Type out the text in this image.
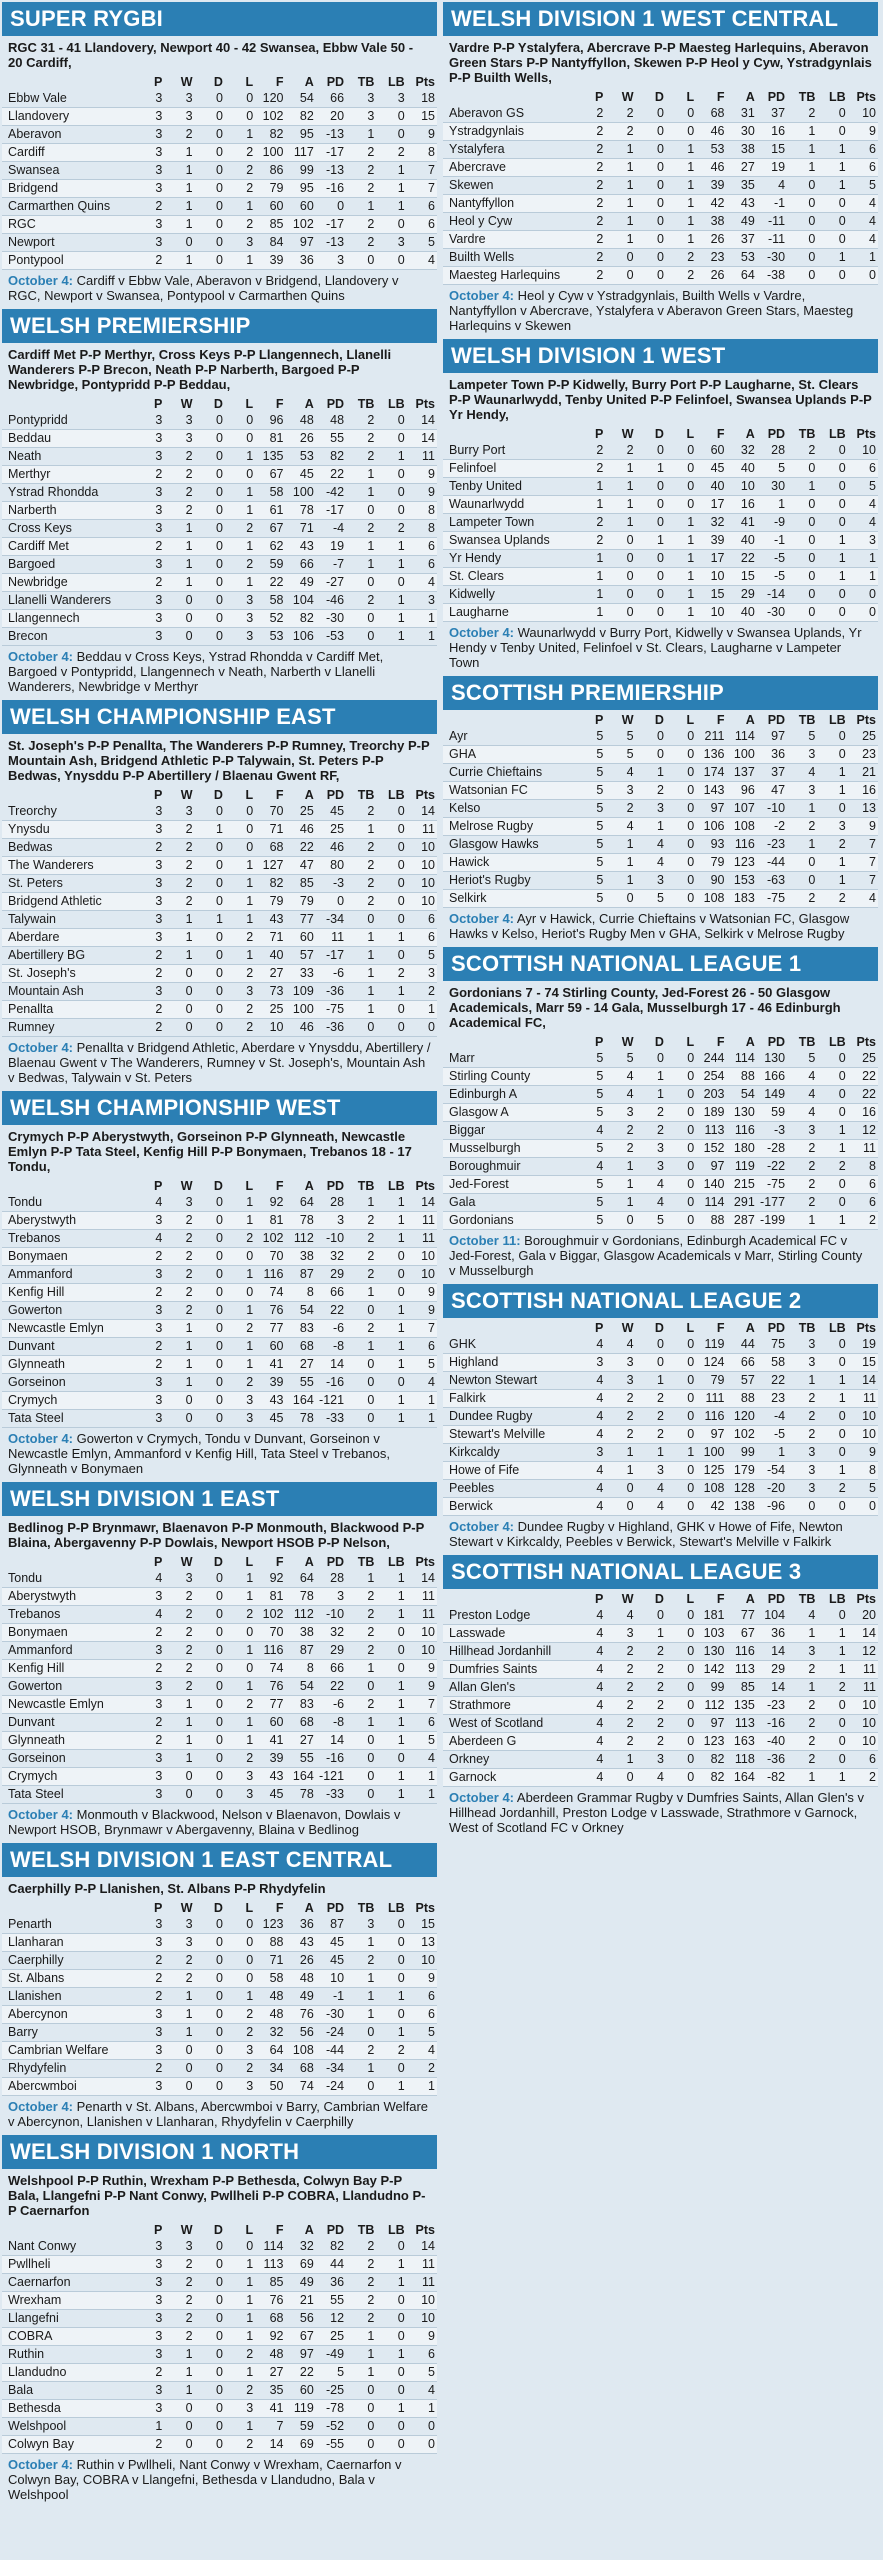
SUPER RYGBI
RGC 31 - 41 Llandovery, Newport 40 - 42 Swansea, Ebbw Vale 50 - 20 Cardiff,
	P	W	D	L	F	A	PD	TB	LB	Pts
Ebbw Vale	3	3	0	0	120	54	66	3	3	18
Llandovery	3	3	0	0	102	82	20	3	0	15
Aberavon	3	2	0	1	82	95	-13	1	0	9
Cardiff	3	1	0	2	100	117	-17	2	2	8
Swansea	3	1	0	2	86	99	-13	2	1	7
Bridgend	3	1	0	2	79	95	-16	2	1	7
Carmarthen Quins	2	1	0	1	60	60	0	1	1	6
RGC	3	1	0	2	85	102	-17	2	0	6
Newport	3	0	0	3	84	97	-13	2	3	5
Pontypool	2	1	0	1	39	36	3	0	0	4
October 4: Cardiff v Ebbw Vale, Aberavon v Bridgend, Llandovery v RGC, Newport v Swansea, Pontypool v Carmarthen Quins
WELSH PREMIERSHIP
Cardiff Met P-P Merthyr, Cross Keys P-P Llangennech, Llanelli Wanderers P-P Brecon, Neath P-P Narberth, Bargoed P-P Newbridge, Pontypridd P-P Beddau,
	P	W	D	L	F	A	PD	TB	LB	Pts
Pontypridd	3	3	0	0	96	48	48	2	0	14
Beddau	3	3	0	0	81	26	55	2	0	14
Neath	3	2	0	1	135	53	82	2	1	11
Merthyr	2	2	0	0	67	45	22	1	0	9
Ystrad Rhondda	3	2	0	1	58	100	-42	1	0	9
Narberth	3	2	0	1	61	78	-17	0	0	8
Cross Keys	3	1	0	2	67	71	-4	2	2	8
Cardiff Met	2	1	0	1	62	43	19	1	1	6
Bargoed	3	1	0	2	59	66	-7	1	1	6
Newbridge	2	1	0	1	22	49	-27	0	0	4
Llanelli Wanderers	3	0	0	3	58	104	-46	2	1	3
Llangennech	3	0	0	3	52	82	-30	0	1	1
Brecon	3	0	0	3	53	106	-53	0	1	1
October 4: Beddau v Cross Keys, Ystrad Rhondda v Cardiff Met, Bargoed v Pontypridd, Llangennech v Neath, Narberth v Llanelli Wanderers, Newbridge v Merthyr
WELSH CHAMPIONSHIP EAST
St. Joseph's P-P Penallta, The Wanderers P-P Rumney, Treorchy P-P Mountain Ash, Bridgend Athletic P-P Talywain, St. Peters P-P Bedwas, Ynysddu P-P Abertillery / Blaenau Gwent RF,
	P	W	D	L	F	A	PD	TB	LB	Pts
Treorchy	3	3	0	0	70	25	45	2	0	14
Ynysdu	3	2	1	0	71	46	25	1	0	11
Bedwas	2	2	0	0	68	22	46	2	0	10
The Wanderers	3	2	0	1	127	47	80	2	0	10
St. Peters	3	2	0	1	82	85	-3	2	0	10
Bridgend Athletic	3	2	0	1	79	79	0	2	0	10
Talywain	3	1	1	1	43	77	-34	0	0	6
Aberdare	3	1	0	2	71	60	11	1	1	6
Abertillery BG	2	1	0	1	40	57	-17	1	0	5
St. Joseph's	2	0	0	2	27	33	-6	1	2	3
Mountain Ash	3	0	0	3	73	109	-36	1	1	2
Penallta	2	0	0	2	25	100	-75	1	0	1
Rumney	2	0	0	2	10	46	-36	0	0	0
October 4: Penallta v Bridgend Athletic, Aberdare v Ynysddu, Abertillery / Blaenau Gwent v The Wanderers, Rumney v St. Joseph's, Mountain Ash v Bedwas, Talywain v St. Peters
WELSH CHAMPIONSHIP WEST
Crymych P-P Aberystwyth, Gorseinon P-P Glynneath, Newcastle Emlyn P-P Tata Steel, Kenfig Hill P-P Bonymaen, Trebanos 18 - 17 Tondu,
	P	W	D	L	F	A	PD	TB	LB	Pts
Tondu	4	3	0	1	92	64	28	1	1	14
Aberystwyth	3	2	0	1	81	78	3	2	1	11
Trebanos	4	2	0	2	102	112	-10	2	1	11
Bonymaen	2	2	0	0	70	38	32	2	0	10
Ammanford	3	2	0	1	116	87	29	2	0	10
Kenfig Hill	2	2	0	0	74	8	66	1	0	9
Gowerton	3	2	0	1	76	54	22	0	1	9
Newcastle Emlyn	3	1	0	2	77	83	-6	2	1	7
Dunvant	2	1	0	1	60	68	-8	1	1	6
Glynneath	2	1	0	1	41	27	14	0	1	5
Gorseinon	3	1	0	2	39	55	-16	0	0	4
Crymych	3	0	0	3	43	164	-121	0	1	1
Tata Steel	3	0	0	3	45	78	-33	0	1	1
October 4: Gowerton v Crymych, Tondu v Dunvant, Gorseinon v Newcastle Emlyn, Ammanford v Kenfig Hill, Tata Steel v Trebanos, Glynneath v Bonymaen
WELSH DIVISION 1 EAST
Bedlinog P-P Brynmawr, Blaenavon P-P Monmouth, Blackwood P-P Blaina, Abergavenny P-P Dowlais, Newport HSOB P-P Nelson,
	P	W	D	L	F	A	PD	TB	LB	Pts
Tondu	4	3	0	1	92	64	28	1	1	14
Aberystwyth	3	2	0	1	81	78	3	2	1	11
Trebanos	4	2	0	2	102	112	-10	2	1	11
Bonymaen	2	2	0	0	70	38	32	2	0	10
Ammanford	3	2	0	1	116	87	29	2	0	10
Kenfig Hill	2	2	0	0	74	8	66	1	0	9
Gowerton	3	2	0	1	76	54	22	0	1	9
Newcastle Emlyn	3	1	0	2	77	83	-6	2	1	7
Dunvant	2	1	0	1	60	68	-8	1	1	6
Glynneath	2	1	0	1	41	27	14	0	1	5
Gorseinon	3	1	0	2	39	55	-16	0	0	4
Crymych	3	0	0	3	43	164	-121	0	1	1
Tata Steel	3	0	0	3	45	78	-33	0	1	1
October 4: Monmouth v Blackwood, Nelson v Blaenavon, Dowlais v Newport HSOB, Brynmawr v Abergavenny, Blaina v Bedlinog
WELSH DIVISION 1 EAST CENTRAL
Caerphilly P-P Llanishen, St. Albans P-P Rhydyfelin
	P	W	D	L	F	A	PD	TB	LB	Pts
Penarth	3	3	0	0	123	36	87	3	0	15
Llanharan	3	3	0	0	88	43	45	1	0	13
Caerphilly	2	2	0	0	71	26	45	2	0	10
St. Albans	2	2	0	0	58	48	10	1	0	9
Llanishen	2	1	0	1	48	49	-1	1	1	6
Abercynon	3	1	0	2	48	76	-30	1	0	6
Barry	3	1	0	2	32	56	-24	0	1	5
Cambrian Welfare	3	0	0	3	64	108	-44	2	2	4
Rhydyfelin	2	0	0	2	34	68	-34	1	0	2
Abercwmboi	3	0	0	3	50	74	-24	0	1	1
October 4: Penarth v St. Albans, Abercwmboi v Barry, Cambrian Welfare v Abercynon, Llanishen v Llanharan, Rhydyfelin v Caerphilly
WELSH DIVISION 1 NORTH
Welshpool P-P Ruthin, Wrexham P-P Bethesda, Colwyn Bay P-P Bala, Llangefni P-P Nant Conwy, Pwllheli P-P COBRA, Llandudno P-P Caernarfon
	P	W	D	L	F	A	PD	TB	LB	Pts
Nant Conwy	3	3	0	0	114	32	82	2	0	14
Pwllheli	3	2	0	1	113	69	44	2	1	11
Caernarfon	3	2	0	1	85	49	36	2	1	11
Wrexham	3	2	0	1	76	21	55	2	0	10
Llangefni	3	2	0	1	68	56	12	2	0	10
COBRA	3	2	0	1	92	67	25	1	0	9
Ruthin	3	1	0	2	48	97	-49	1	1	6
Llandudno	2	1	0	1	27	22	5	1	0	5
Bala	3	1	0	2	35	60	-25	0	0	4
Bethesda	3	0	0	3	41	119	-78	0	1	1
Welshpool	1	0	0	1	7	59	-52	0	0	0
Colwyn Bay	2	0	0	2	14	69	-55	0	0	0
October 4: Ruthin v Pwllheli, Nant Conwy v Wrexham, Caernarfon v Colwyn Bay, COBRA v Llangefni, Bethesda v Llandudno, Bala v Welshpool
WELSH DIVISION 1 WEST CENTRAL
Vardre P-P Ystalyfera, Abercrave P-P Maesteg Harlequins, Aberavon Green Stars P-P Nantyffyllon, Skewen P-P Heol y Cyw, Ystradgynlais P-P Builth Wells,
	P	W	D	L	F	A	PD	TB	LB	Pts
Aberavon GS	2	2	0	0	68	31	37	2	0	10
Ystradgynlais	2	2	0	0	46	30	16	1	0	9
Ystalyfera	2	1	0	1	53	38	15	1	1	6
Abercrave	2	1	0	1	46	27	19	1	1	6
Skewen	2	1	0	1	39	35	4	0	1	5
Nantyffyllon	2	1	0	1	42	43	-1	0	0	4
Heol y Cyw	2	1	0	1	38	49	-11	0	0	4
Vardre	2	1	0	1	26	37	-11	0	0	4
Builth Wells	2	0	0	2	23	53	-30	0	1	1
Maesteg Harlequins	2	0	0	2	26	64	-38	0	0	0
October 4: Heol y Cyw v Ystradgynlais, Builth Wells v Vardre, Nantyffyllon v Abercrave, Ystalyfera v Aberavon Green Stars, Maesteg Harlequins v Skewen
WELSH DIVISION 1 WEST
Lampeter Town P-P Kidwelly, Burry Port P-P Laugharne, St. Clears P-P Waunarlwydd, Tenby United P-P Felinfoel, Swansea Uplands P-P Yr Hendy,
	P	W	D	L	F	A	PD	TB	LB	Pts
Burry Port	2	2	0	0	60	32	28	2	0	10
Felinfoel	2	1	1	0	45	40	5	0	0	6
Tenby United	1	1	0	0	40	10	30	1	0	5
Waunarlwydd	1	1	0	0	17	16	1	0	0	4
Lampeter Town	2	1	0	1	32	41	-9	0	0	4
Swansea Uplands	2	0	1	1	39	40	-1	0	1	3
Yr Hendy	1	0	0	1	17	22	-5	0	1	1
St. Clears	1	0	0	1	10	15	-5	0	1	1
Kidwelly	1	0	0	1	15	29	-14	0	0	0
Laugharne	1	0	0	1	10	40	-30	0	0	0
October 4: Waunarlwydd v Burry Port, Kidwelly v Swansea Uplands, Yr Hendy v Tenby United, Felinfoel v St. Clears, Laugharne v Lampeter Town
SCOTTISH PREMIERSHIP
	P	W	D	L	F	A	PD	TB	LB	Pts
Ayr	5	5	0	0	211	114	97	5	0	25
GHA	5	5	0	0	136	100	36	3	0	23
Currie Chieftains	5	4	1	0	174	137	37	4	1	21
Watsonian FC	5	3	2	0	143	96	47	3	1	16
Kelso	5	2	3	0	97	107	-10	1	0	13
Melrose Rugby	5	4	1	0	106	108	-2	2	3	9
Glasgow Hawks	5	1	4	0	93	116	-23	1	2	7
Hawick	5	1	4	0	79	123	-44	0	1	7
Heriot's Rugby	5	1	3	0	90	153	-63	0	1	7
Selkirk	5	0	5	0	108	183	-75	2	2	4
October 4: Ayr v Hawick, Currie Chieftains v Watsonian FC, Glasgow Hawks v Kelso, Heriot's Rugby Men v GHA, Selkirk v Melrose Rugby
SCOTTISH NATIONAL LEAGUE 1
Gordonians 7 - 74 Stirling County, Jed-Forest 26 - 50 Glasgow Academicals, Marr 59 - 14 Gala, Musselburgh 17 - 46 Edinburgh Academical FC,
	P	W	D	L	F	A	PD	TB	LB	Pts
Marr	5	5	0	0	244	114	130	5	0	25
Stirling County	5	4	1	0	254	88	166	4	0	22
Edinburgh A	5	4	1	0	203	54	149	4	0	22
Glasgow A	5	3	2	0	189	130	59	4	0	16
Biggar	4	2	2	0	113	116	-3	3	1	12
Musselburgh	5	2	3	0	152	180	-28	2	1	11
Boroughmuir	4	1	3	0	97	119	-22	2	2	8
Jed-Forest	5	1	4	0	140	215	-75	2	0	6
Gala	5	1	4	0	114	291	-177	2	0	6
Gordonians	5	0	5	0	88	287	-199	1	1	2
October 11: Boroughmuir v Gordonians, Edinburgh Academical FC v Jed-Forest, Gala v Biggar, Glasgow Academicals v Marr, Stirling County v Musselburgh
SCOTTISH NATIONAL LEAGUE 2
	P	W	D	L	F	A	PD	TB	LB	Pts
GHK	4	4	0	0	119	44	75	3	0	19
Highland	3	3	0	0	124	66	58	3	0	15
Newton Stewart	4	3	1	0	79	57	22	1	1	14
Falkirk	4	2	2	0	111	88	23	2	1	11
Dundee Rugby	4	2	2	0	116	120	-4	2	0	10
Stewart's Melville	4	2	2	0	97	102	-5	2	0	10
Kirkcaldy	3	1	1	1	100	99	1	3	0	9
Howe of Fife	4	1	3	0	125	179	-54	3	1	8
Peebles	4	0	4	0	108	128	-20	3	2	5
Berwick	4	0	4	0	42	138	-96	0	0	0
October 4: Dundee Rugby v Highland, GHK v Howe of Fife, Newton Stewart v Kirkcaldy, Peebles v Berwick, Stewart's Melville v Falkirk
SCOTTISH NATIONAL LEAGUE 3
	P	W	D	L	F	A	PD	TB	LB	Pts
Preston Lodge	4	4	0	0	181	77	104	4	0	20
Lasswade	4	3	1	0	103	67	36	1	1	14
Hillhead Jordanhill	4	2	2	0	130	116	14	3	1	12
Dumfries Saints	4	2	2	0	142	113	29	2	1	11
Allan Glen's	4	2	2	0	99	85	14	1	2	11
Strathmore	4	2	2	0	112	135	-23	2	0	10
West of Scotland	4	2	2	0	97	113	-16	2	0	10
Aberdeen G	4	2	2	0	123	163	-40	2	0	10
Orkney	4	1	3	0	82	118	-36	2	0	6
Garnock	4	0	4	0	82	164	-82	1	1	2
October 4: Aberdeen Grammar Rugby v Dumfries Saints, Allan Glen's v Hillhead Jordanhill, Preston Lodge v Lasswade, Strathmore v Garnock, West of Scotland FC v Orkney
